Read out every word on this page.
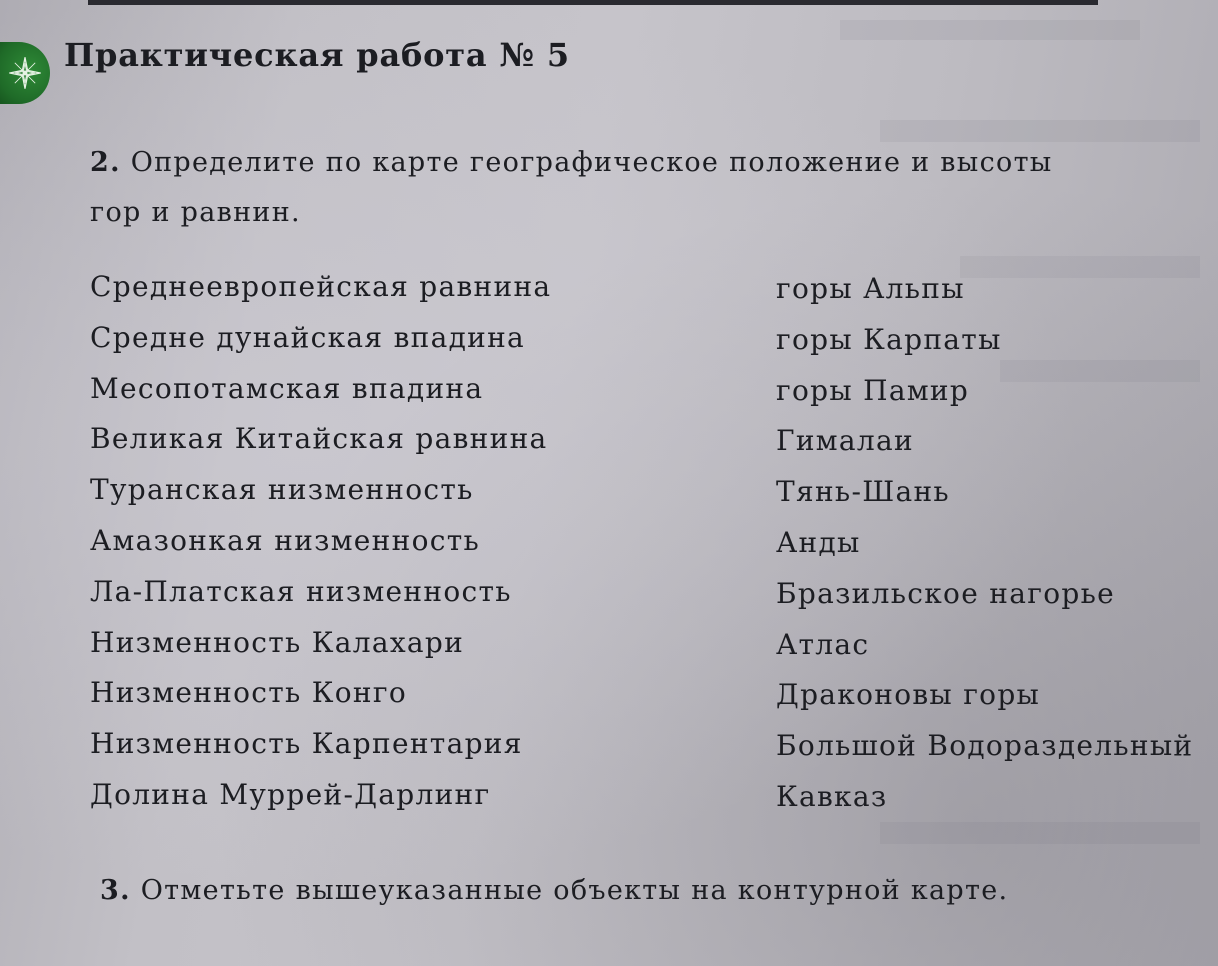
Практическая работа № 5
2. Определите по карте географическое положение и высоты
гор и равнин.
Среднеевропейская равнина
Средне дунайская впадина
Месопотамская впадина
Великая Китайская равнина
Туранская низменность
Амазонкая низменность
Ла-Платская низменность
Низменность Калахари
Низменность Конго
Низменность Карпентария
Долина Муррей-Дарлинг
горы Альпы
горы Карпаты
горы Памир
Гималаи
Тянь-Шань
Анды
Бразильское нагорье
Атлас
Драконовы горы
Большой Водораздельный
Кавказ
3. Отметьте вышеуказанные объекты на контурной карте.
